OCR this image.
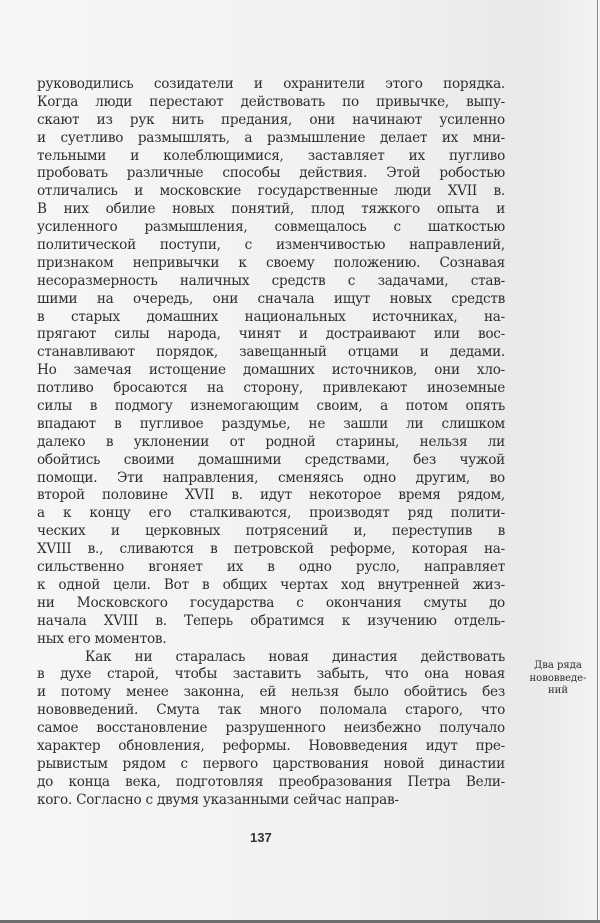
руководились созидатели и охранители этого порядка.
Когда люди перестают действовать по привычке, выпу-
скают из рук нить предания, они начинают усиленно
и суетливо размышлять, а размышление делает их мни-
тельными и колеблющимися, заставляет их пугливо
пробовать различные способы действия. Этой робостью
отличались и московские государственные люди XVII в.
В них обилие новых понятий, плод тяжкого опыта и
усиленного размышления, совмещалось с шаткостью
политической поступи, с изменчивостью направлений,
признаком непривычки к своему положению. Сознавая
несоразмерность наличных средств с задачами, став-
шими на очередь, они сначала ищут новых средств
в старых домашних национальных источниках, на-
прягают силы народа, чинят и достраивают или вос-
станавливают порядок, завещанный отцами и дедами.
Но замечая истощение домашних источников, они хло-
потливо бросаются на сторону, привлекают иноземные
силы в подмогу изнемогающим своим, а потом опять
впадают в пугливое раздумье, не зашли ли слишком
далеко в уклонении от родной старины, нельзя ли
обойтись своими домашними средствами, без чужой
помощи. Эти направления, сменяясь одно другим, во
второй половине XVII в. идут некоторое время рядом,
а к концу его сталкиваются, производят ряд полити-
ческих и церковных потрясений и, переступив в
XVIII в., сливаются в петровской реформе, которая на-
сильственно вгоняет их в одно русло, направляет
к одной цели. Вот в общих чертах ход внутренней жиз-
ни Московского государства с окончания смуты до
начала XVIII в. Теперь обратимся к изучению отдель-
ных его моментов.
Как ни старалась новая династия действовать
в духе старой, чтобы заставить забыть, что она новая
и потому менее законна, ей нельзя было обойтись без
нововведений. Смута так много поломала старого, что
самое восстановление разрушенного неизбежно получало
характер обновления, реформы. Нововведения идут пре-
рывистым рядом с первого царствования новой династии
до конца века, подготовляя преобразования Петра Вели-
кого. Согласно с двумя указанными сейчас направ-
Два ряда
нововведе-
ний
137
